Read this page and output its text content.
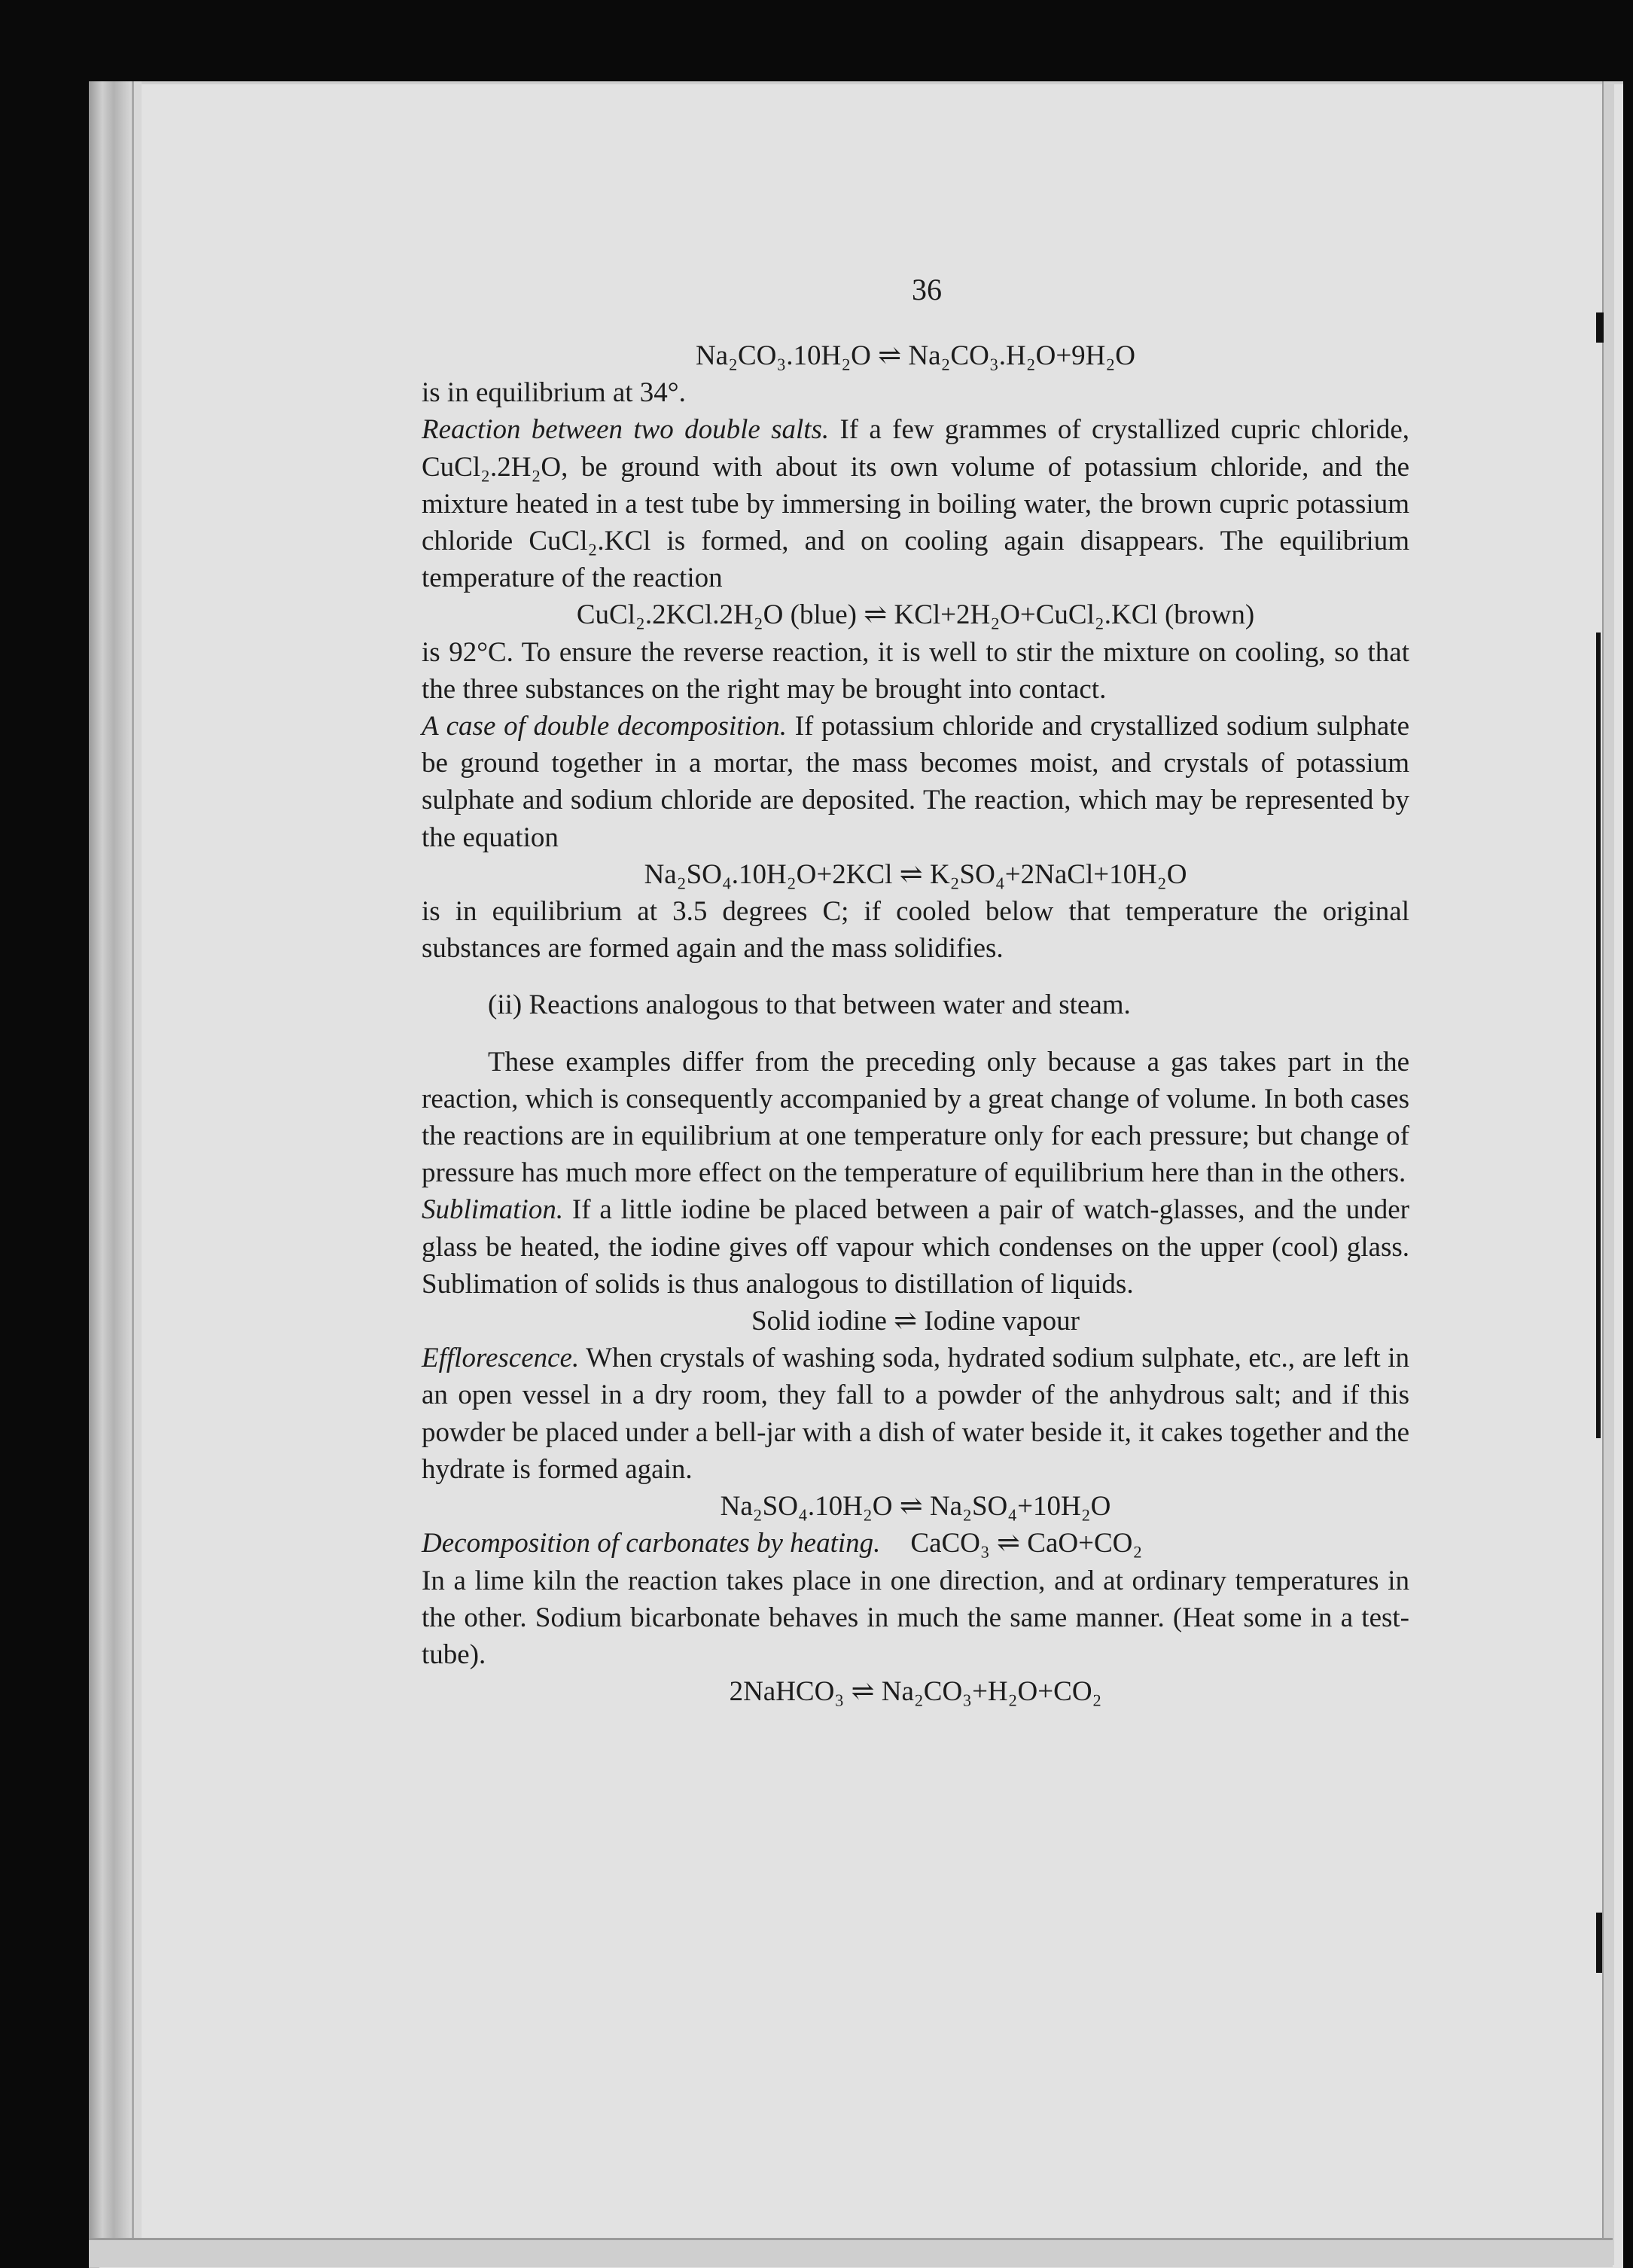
36
Na₂CO₃.10H₂O ⇌ Na₂CO₃.H₂O+9H₂O
is in equilibrium at 34°.
Reaction between two double salts. If a few grammes of crystallized cupric chloride, CuCl₂.2H₂O, be ground with about its own volume of potassium chloride, and the mixture heated in a test tube by immersing in boiling water, the brown cupric potassium chloride CuCl₂.KCl is formed, and on cooling again disappears. The equilibrium temperature of the reaction
CuCl₂.2KCl.2H₂O (blue) ⇌ KCl+2H₂O+CuCl₂.KCl (brown)
is 92°C. To ensure the reverse reaction, it is well to stir the mixture on cooling, so that the three substances on the right may be brought into contact.
A case of double decomposition. If potassium chloride and crystallized sodium sulphate be ground together in a mortar, the mass becomes moist, and crystals of potassium sulphate and sodium chloride are deposited. The reaction, which may be represented by the equation
Na₂SO₄.10H₂O+2KCl ⇌ K₂SO₄+2NaCl+10H₂O
is in equilibrium at 3.5 degrees C; if cooled below that temperature the original substances are formed again and the mass solidifies.
(ii) Reactions analogous to that between water and steam.
These examples differ from the preceding only because a gas takes part in the reaction, which is consequently accompanied by a great change of volume. In both cases the reactions are in equilibrium at one temperature only for each pressure; but change of pressure has much more effect on the temperature of equilibrium here than in the others.
Sublimation. If a little iodine be placed between a pair of watch-glasses, and the under glass be heated, the iodine gives off vapour which condenses on the upper (cool) glass. Sublimation of solids is thus analogous to distillation of liquids.
Solid iodine ⇌ Iodine vapour
Efflorescence. When crystals of washing soda, hydrated sodium sulphate, etc., are left in an open vessel in a dry room, they fall to a powder of the anhydrous salt; and if this powder be placed under a bell-jar with a dish of water beside it, it cakes together and the hydrate is formed again.
Na₂SO₄.10H₂O ⇌ Na₂SO₄+10H₂O
Decomposition of carbonates by heating. CaCO₃ ⇌ CaO+CO₂
In a lime kiln the reaction takes place in one direction, and at ordinary temperatures in the other. Sodium bicarbonate behaves in much the same manner. (Heat some in a test-tube).
2NaHCO₃ ⇌ Na₂CO₃+H₂O+CO₂
